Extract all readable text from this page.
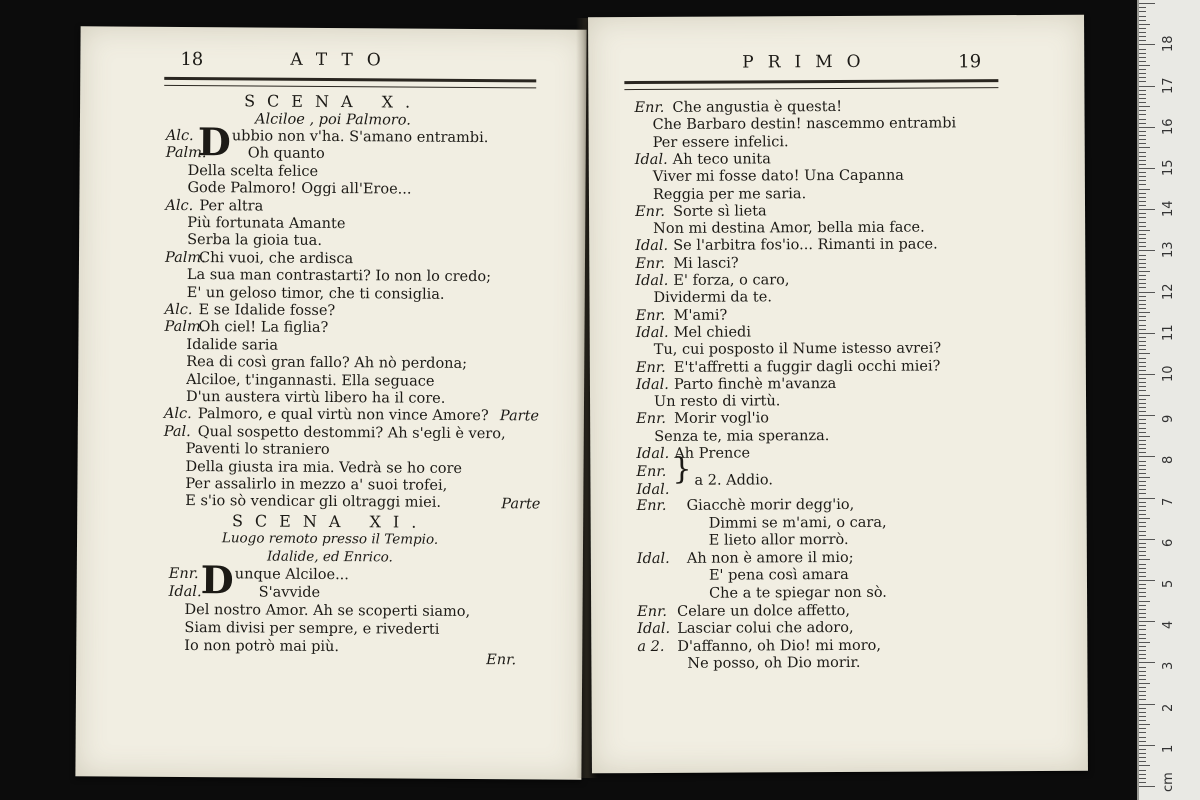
18	ATTO
SCENA X.
Alciloe , poi Palmoro.
D
Alc.	ubbio non v'ha. S'amano entrambi.
Palm.	Oh quanto
Della scelta felice
Gode Palmoro! Oggi all'Eroe...
Alc. Per altra
Più fortunata Amante
Serba la gioia tua.
Palm.
Chi vuoi, che ardisca
La sua man contrastarti? Io non lo credo;
E' un geloso timor, che ti consiglia.
Alc. E se Idalide fosse?
Palm.
Oh ciel! La figlia?
Idalide saria
Rea di così gran fallo? Ah nò perdona;
Alciloe, t'ingannasti. Ella seguace
D'un austera virtù libero ha il core.
Alc. Palmoro, e qual virtù non vince Amore?
Pal. Qual sospetto destommi? Ah s'egli è vero,
Paventi lo straniero
Della giusta ira mia. Vedrà se ho core
Per assalirlo in mezzo a' suoi trofei,
E s'io sò vendicar gli oltraggi miei.
Parte
Parte
SCENA XI.
Luogo remoto presso il Tempio.
Idalide, ed Enrico.
D
Enr. unque Alciloe...
Idal.	S'avvide
Del nostro Amor. Ah se scoperti siamo,
Siam divisi per sempre, e rivederti
Io non potrò mai più.
Enr.
PRIMO	19
Enr. Che angustia è questa!
Che Barbaro destin! nascemmo entrambi
Per essere infelici.
Idal. Ah teco unita
Viver mi fosse dato! Una Capanna
Reggia per me saria.
Enr. Sorte sì lieta
Non mi destina Amor, bella mia face.
Idal. Se l'arbitra fos'io... Rimanti in pace.
Enr. Mi lasci?
Idal. E' forza, o caro,
Dividermi da te.
Enr. M'ami?
Idal. Mel chiedi
Tu, cui posposto il Nume istesso avrei?
Enr. E't'affretti a fuggir dagli occhi miei?
Idal. Parto finchè m'avanza
Un resto di virtù.
Enr. Morir vogl'io
Senza te, mia speranza.
Idal. Ah Prence
Enr.
Idal.
} a 2. Addio.
Enr. Giacchè morir degg'io,
Dimmi se m'ami, o cara,
E lieto allor morrò.
Idal. Ah non è amore il mio;
E' pena così amara
Che a te spiegar non sò.
Enr. Celare un dolce affetto,
Idal. Lasciar colui che adoro,
a 2. D'affanno, oh Dio! mi moro,
Ne posso, oh Dio morir.
1
2
3
4
5
6
7
8
9
10
11
12
13
14
15
16
17
18
cm
